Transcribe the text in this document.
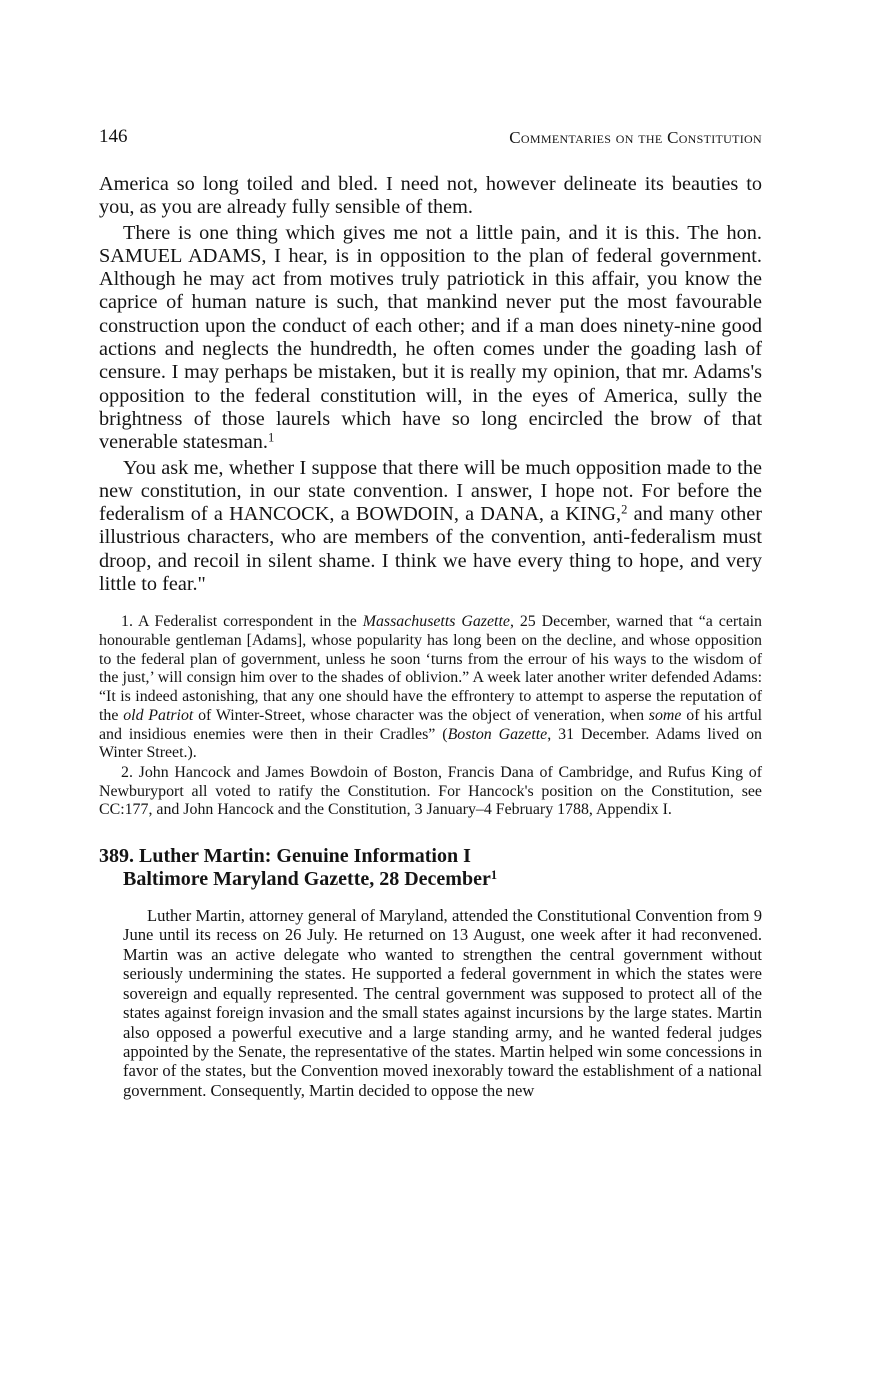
146	Commentaries on the Constitution

America so long toiled and bled. I need not, however delineate its beauties to you, as you are already fully sensible of them.

There is one thing which gives me not a little pain, and it is this. The hon. SAMUEL ADAMS, I hear, is in opposition to the plan of federal government. Although he may act from motives truly patriotick in this affair, you know the caprice of human nature is such, that mankind never put the most favourable construction upon the conduct of each other; and if a man does ninety-nine good actions and neglects the hundredth, he often comes under the goading lash of censure. I may perhaps be mistaken, but it is really my opinion, that mr. Adams's opposition to the federal constitution will, in the eyes of America, sully the brightness of those laurels which have so long encircled the brow of that venerable statesman.$^1$

You ask me, whether I suppose that there will be much opposition made to the new constitution, in our state convention. I answer, I hope not. For before the federalism of a HANCOCK, a BOWDOIN, a DANA, a KING,$^2$ and many other illustrious characters, who are members of the convention, anti-federalism must droop, and recoil in silent shame. I think we have every thing to hope, and very little to fear."

1. A Federalist correspondent in the Massachusetts Gazette, 25 December, warned that “a certain honourable gentleman [Adams], whose popularity has long been on the decline, and whose opposition to the federal plan of government, unless he soon ‘turns from the errour of his ways to the wisdom of the just,’ will consign him over to the shades of oblivion.” A week later another writer defended Adams: “It is indeed astonishing, that any one should have the effrontery to attempt to asperse the reputation of the old Patriot of Winter-Street, whose character was the object of veneration, when some of his artful and insidious enemies were then in their Cradles” (Boston Gazette, 31 December. Adams lived on Winter Street.).

2. John Hancock and James Bowdoin of Boston, Francis Dana of Cambridge, and Rufus King of Newburyport all voted to ratify the Constitution. For Hancock's position on the Constitution, see CC:177, and John Hancock and the Constitution, 3 January–4 February 1788, Appendix I.

389. Luther Martin: Genuine Information I
Baltimore Maryland Gazette, 28 December$^1$

Luther Martin, attorney general of Maryland, attended the Constitutional Convention from 9 June until its recess on 26 July. He returned on 13 August, one week after it had reconvened. Martin was an active delegate who wanted to strengthen the central government without seriously undermining the states. He supported a federal government in which the states were sovereign and equally represented. The central government was supposed to protect all of the states against foreign invasion and the small states against incursions by the large states. Martin also opposed a powerful executive and a large standing army, and he wanted federal judges appointed by the Senate, the representative of the states. Martin helped win some concessions in favor of the states, but the Convention moved inexorably toward the establishment of a national government. Consequently, Martin decided to oppose the new
